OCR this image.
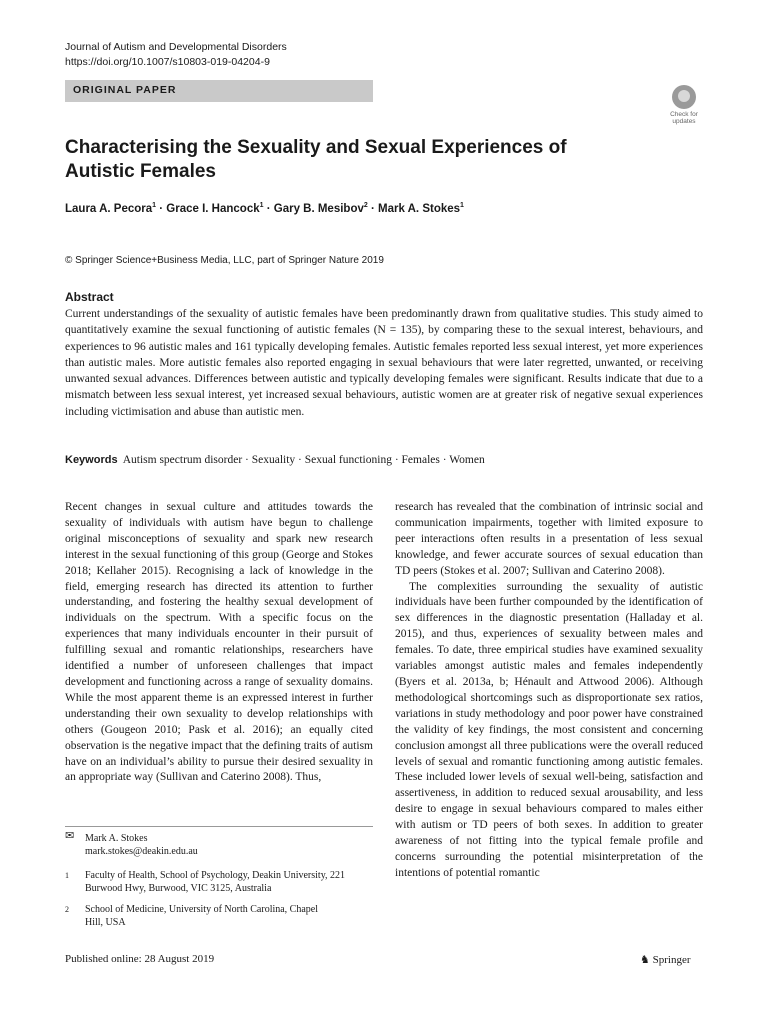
Journal of Autism and Developmental Disorders
https://doi.org/10.1007/s10803-019-04204-9
ORIGINAL PAPER
Check for updates
Characterising the Sexuality and Sexual Experiences of Autistic Females
Laura A. Pecora$^1$ · Grace I. Hancock$^1$ · Gary B. Mesibov$^2$ · Mark A. Stokes$^1$
© Springer Science+Business Media, LLC, part of Springer Nature 2019
Abstract
Current understandings of the sexuality of autistic females have been predominantly drawn from qualitative studies. This study aimed to quantitatively examine the sexual functioning of autistic females (N = 135), by comparing these to the sexual interest, behaviours, and experiences to 96 autistic males and 161 typically developing females. Autistic females reported less sexual interest, yet more experiences than autistic males. More autistic females also reported engaging in sexual behaviours that were later regretted, unwanted, or receiving unwanted sexual advances. Differences between autistic and typically developing females were significant. Results indicate that due to a mismatch between less sexual interest, yet increased sexual behaviours, autistic women are at greater risk of negative sexual experiences including victimisation and abuse than autistic men.
Keywords Autism spectrum disorder · Sexuality · Sexual functioning · Females · Women

Recent changes in sexual culture and attitudes towards the sexuality of individuals with autism have begun to challenge original misconceptions of sexuality and spark new research interest in the sexual functioning of this group (George and Stokes 2018; Kellaher 2015). Recognising a lack of knowledge in the field, emerging research has directed its attention to further understanding, and fostering the healthy sexual development of individuals on the spectrum. With a specific focus on the experiences that many individuals encounter in their pursuit of fulfilling sexual and romantic relationships, researchers have identified a number of unforeseen challenges that impact development and functioning across a range of sexuality domains. While the most apparent theme is an expressed interest in further understanding their own sexuality to develop relationships with others (Gougeon 2010; Pask et al. 2016); an equally cited observation is the negative impact that the defining traits of autism have on an individual’s ability to pursue their desired sexuality in an appropriate way (Sullivan and Caterino 2008). Thus,

research has revealed that the combination of intrinsic social and communication impairments, together with limited exposure to peer interactions often results in a presentation of less sexual knowledge, and fewer accurate sources of sexual education than TD peers (Stokes et al. 2007; Sullivan and Caterino 2008).

The complexities surrounding the sexuality of autistic individuals have been further compounded by the identification of sex differences in the diagnostic presentation (Halladay et al. 2015), and thus, experiences of sexuality between males and females. To date, three empirical studies have examined sexuality variables amongst autistic males and females independently (Byers et al. 2013a, b; Hénault and Attwood 2006). Although methodological shortcomings such as disproportionate sex ratios, variations in study methodology and poor power have constrained the validity of key findings, the most consistent and concerning conclusion amongst all three publications were the overall reduced levels of sexual and romantic functioning among autistic females. These included lower levels of sexual well-being, satisfaction and assertiveness, in addition to reduced sexual arousability, and less desire to engage in sexual behaviours compared to males either with autism or TD peers of both sexes. In addition to greater awareness of not fitting into the typical female profile and concerns surrounding the potential misinterpretation of the intentions of potential romantic

✉ Mark A. Stokes
mark.stokes@deakin.edu.au
1 Faculty of Health, School of Psychology, Deakin University, 221 Burwood Hwy, Burwood, VIC 3125, Australia
2 School of Medicine, University of North Carolina, Chapel Hill, USA
Published online: 28 August 2019	♞ Springer
